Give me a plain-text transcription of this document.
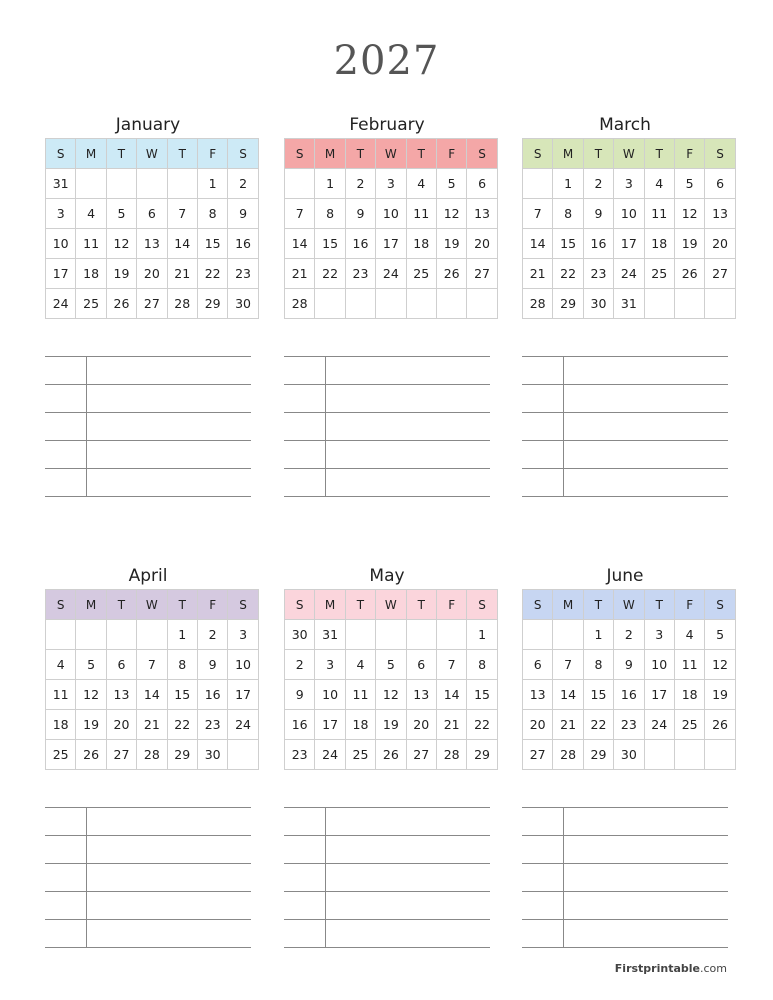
2027
January
S	M	T	W	T	F	S
31					1	2
3	4	5	6	7	8	9
10	11	12	13	14	15	16
17	18	19	20	21	22	23
24	25	26	27	28	29	30
February
S	M	T	W	T	F	S
	1	2	3	4	5	6
7	8	9	10	11	12	13
14	15	16	17	18	19	20
21	22	23	24	25	26	27
28						
March
S	M	T	W	T	F	S
	1	2	3	4	5	6
7	8	9	10	11	12	13
14	15	16	17	18	19	20
21	22	23	24	25	26	27
28	29	30	31			
April
S	M	T	W	T	F	S
				1	2	3
4	5	6	7	8	9	10
11	12	13	14	15	16	17
18	19	20	21	22	23	24
25	26	27	28	29	30	
May
S	M	T	W	T	F	S
30	31					1
2	3	4	5	6	7	8
9	10	11	12	13	14	15
16	17	18	19	20	21	22
23	24	25	26	27	28	29
June
S	M	T	W	T	F	S
		1	2	3	4	5
6	7	8	9	10	11	12
13	14	15	16	17	18	19
20	21	22	23	24	25	26
27	28	29	30			
Firstprintable.com
